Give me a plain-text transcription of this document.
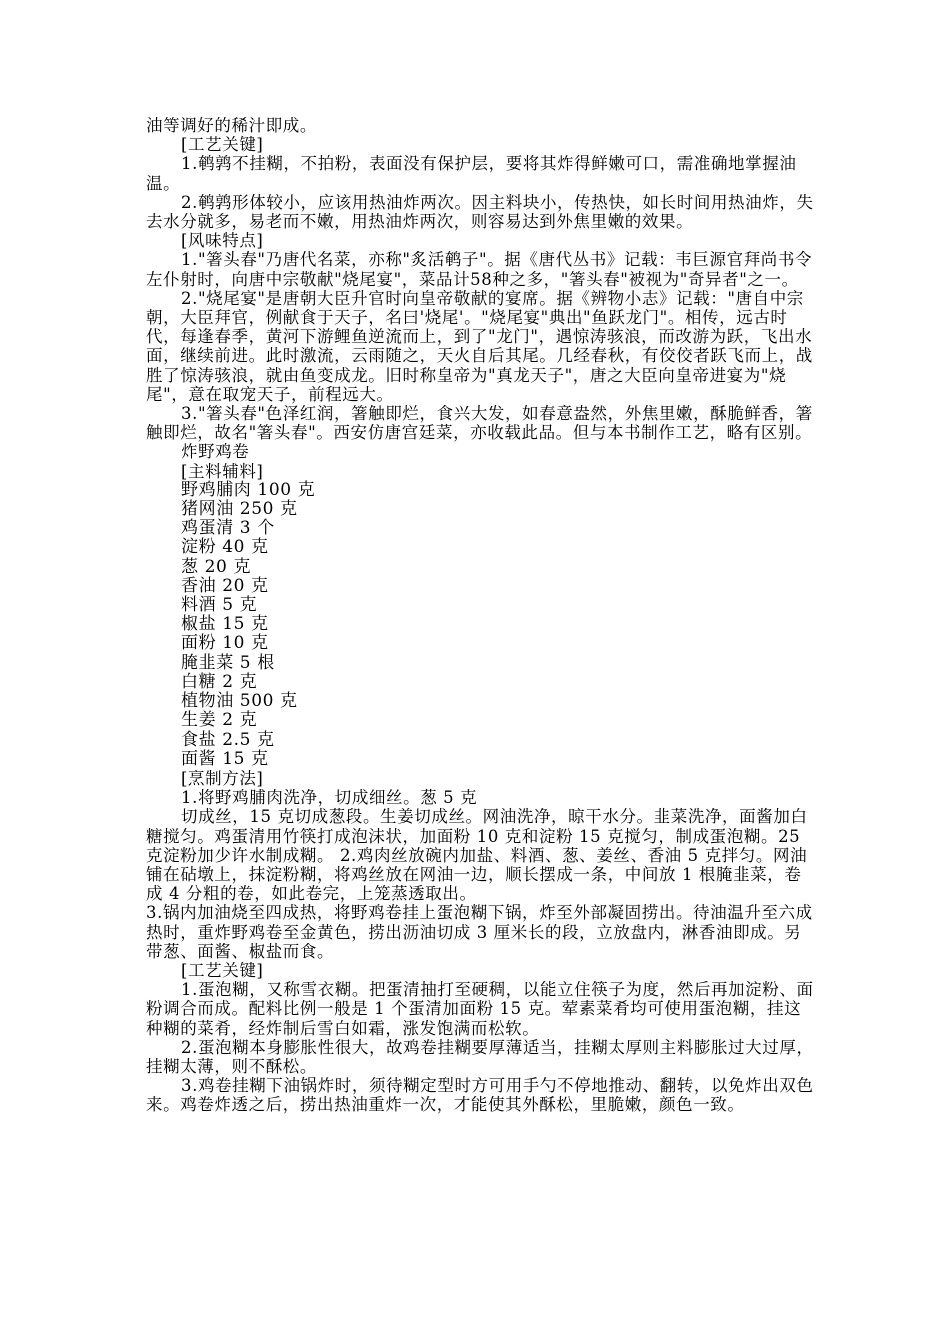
油等调好的稀汁即成。

[工艺关键]

1.鹌鹑不挂糊，不拍粉，表面没有保护层，要将其炸得鲜嫩可口，需准确地掌握油温。

2.鹌鹑形体较小，应该用热油炸两次。因主料块小，传热快，如长时间用热油炸，失去水分就多，易老而不嫩，用热油炸两次，则容易达到外焦里嫩的效果。

[风味特点]

1."箸头春"乃唐代名菜，亦称"炙活鹌子"。据《唐代丛书》记载：韦巨源官拜尚书令左仆射时，向唐中宗敬献"烧尾宴"，菜品计58种之多，"箸头春"被视为"奇异者"之一。

2."烧尾宴"是唐朝大臣升官时向皇帝敬献的宴席。据《辨物小志》记载："唐自中宗朝，大臣拜官，例献食于天子，名曰'烧尾'。"烧尾宴"典出"鱼跃龙门"。相传，远古时代，每逢春季，黄河下游鲤鱼逆流而上，到了"龙门"，遇惊涛骇浪，而改游为跃，飞出水面，继续前进。此时激流，云雨随之，天火自后其尾。几经春秋，有佼佼者跃飞而上，战胜了惊涛骇浪，就由鱼变成龙。旧时称皇帝为"真龙天子"，唐之大臣向皇帝进宴为"烧尾"，意在取宠天子，前程远大。

3."箸头春"色泽红润，箸触即烂，食兴大发，如春意盎然，外焦里嫩，酥脆鲜香，箸触即烂，故名"箸头春"。西安仿唐宫廷菜，亦收载此品。但与本书制作工艺，略有区别。

炸野鸡卷

[主料辅料]

野鸡脯肉 100 克
猪网油 250 克
鸡蛋清 3 个
淀粉 40 克
葱 20 克
香油 20 克
料酒 5 克
椒盐 15 克
面粉 10 克
腌韭菜 5 根
白糖 2 克
植物油 500 克
生姜 2 克
食盐 2.5 克
面酱 15 克

[烹制方法]

1.将野鸡脯肉洗净，切成细丝。葱 5 克

切成丝，15 克切成葱段。生姜切成丝。网油洗净，晾干水分。韭菜洗净，面酱加白糖搅匀。鸡蛋清用竹筷打成泡沫状，加面粉 10 克和淀粉 15 克搅匀，制成蛋泡糊。25 克淀粉加少许水制成糊。 2.鸡肉丝放碗内加盐、料酒、葱、姜丝、香油 5 克拌匀。网油铺在砧墩上，抹淀粉糊，将鸡丝放在网油一边，顺长摆成一条，中间放 1 根腌韭菜，卷成 4 分粗的卷，如此卷完，上笼蒸透取出。

3.锅内加油烧至四成热，将野鸡卷挂上蛋泡糊下锅，炸至外部凝固捞出。待油温升至六成热时，重炸野鸡卷至金黄色，捞出沥油切成 3 厘米长的段，立放盘内，淋香油即成。另带葱、面酱、椒盐而食。

[工艺关键]

1.蛋泡糊，又称雪衣糊。把蛋清抽打至硬稠，以能立住筷子为度，然后再加淀粉、面粉调合而成。配料比例一般是 1 个蛋清加面粉 15 克。荤素菜肴均可使用蛋泡糊，挂这种糊的菜肴，经炸制后雪白如霜，涨发饱满而松软。

2.蛋泡糊本身膨胀性很大，故鸡卷挂糊要厚薄适当，挂糊太厚则主料膨胀过大过厚，挂糊太薄，则不酥松。

3.鸡卷挂糊下油锅炸时，须待糊定型时方可用手勺不停地推动、翻转，以免炸出双色来。鸡卷炸透之后，捞出热油重炸一次，才能使其外酥松，里脆嫩，颜色一致。
